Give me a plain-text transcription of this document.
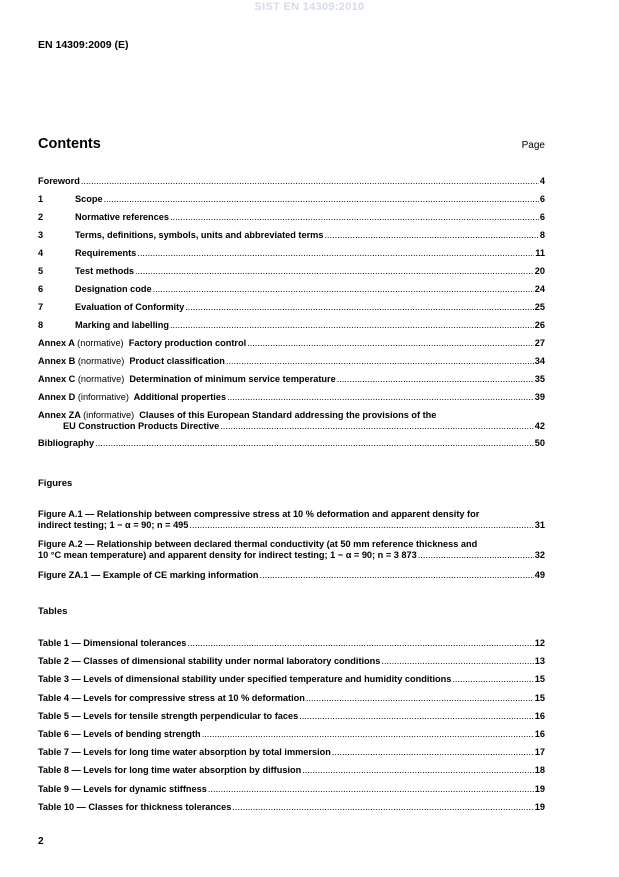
SIST EN 14309:2010
EN 14309:2009 (E)
Contents	Page
Foreword .....	4
1	Scope .....	6
2	Normative references .....	6
3	Terms, definitions, symbols, units and abbreviated terms .....	8
4	Requirements .....	11
5	Test methods .....	20
6	Designation code .....	24
7	Evaluation of Conformity .....	25
8	Marking and labelling .....	26
Annex A (normative) Factory production control .....	27
Annex B (normative) Product classification .....	34
Annex C (normative) Determination of minimum service temperature .....	35
Annex D (informative) Additional properties .....	39
Annex ZA (informative) Clauses of this European Standard addressing the provisions of the
EU Construction Products Directive .....	42
Bibliography .....	50
Figures
Figure A.1 — Relationship between compressive stress at 10 % deformation and apparent density for
indirect testing; 1 − α = 90; n = 495 .....	31
Figure A.2 — Relationship between declared thermal conductivity (at 50 mm reference thickness and
10 °C mean temperature) and apparent density for indirect testing; 1 − α = 90; n = 3 873 .....	32
Figure ZA.1 — Example of CE marking information .....	49
Tables
Table 1 — Dimensional tolerances .....	12
Table 2 — Classes of dimensional stability under normal laboratory conditions .....	13
Table 3 — Levels of dimensional stability under specified temperature and humidity conditions .....	15
Table 4 — Levels for compressive stress at 10 % deformation .....	15
Table 5 — Levels for tensile strength perpendicular to faces .....	16
Table 6 — Levels of bending strength .....	16
Table 7 — Levels for long time water absorption by total immersion .....	17
Table 8 — Levels for long time water absorption by diffusion .....	18
Table 9 — Levels for dynamic stiffness .....	19
Table 10 — Classes for thickness tolerances .....	19
2
